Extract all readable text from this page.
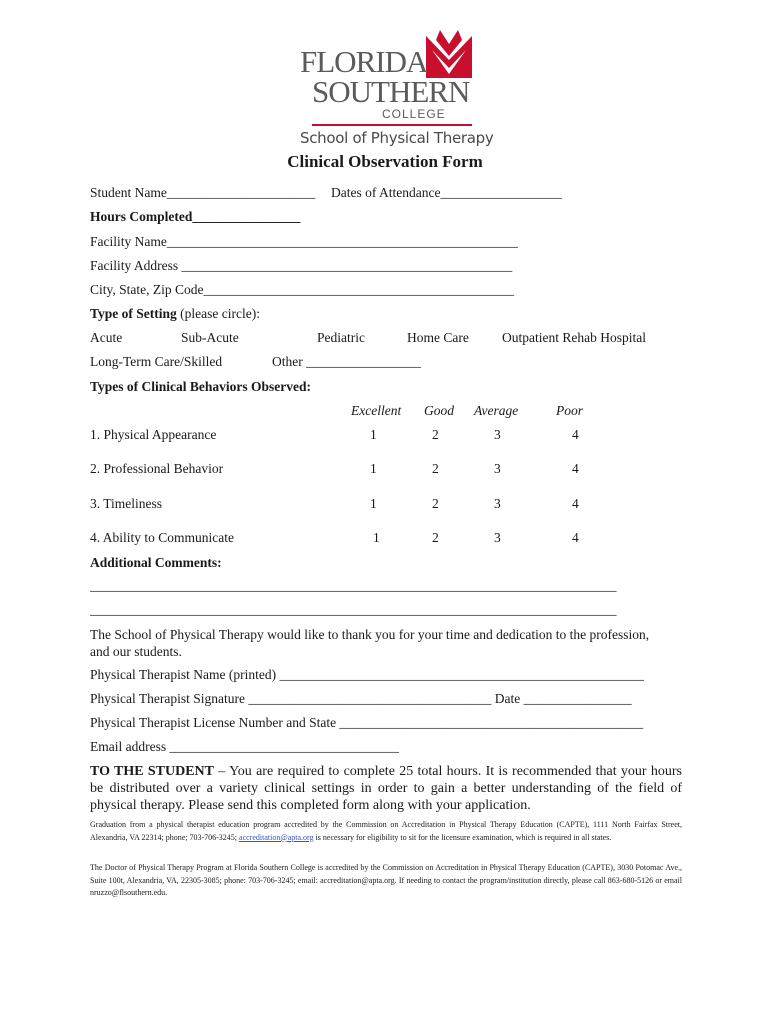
FLORIDA
SOUTHERN
COLLEGE
School of Physical Therapy
Clinical Observation Form
Student Name______________________ Dates of Attendance__________________
Hours Completed________________
Facility Name____________________________________________________
Facility Address _________________________________________________
City, State, Zip Code______________________________________________
Type of Setting (please circle):
Acute	Sub-Acute	Pediatric	Home Care Outpatient Rehab Hospital
Long-Term Care/Skilled	Other _________________
Types of Clinical Behaviors Observed:
Excellent Good Average	Poor
1. Physical Appearance	1	2	3	4
2. Professional Behavior	1	2	3	4
3. Timeliness	1	2	3	4
4. Ability to Communicate	1	2	3	4
Additional Comments:
______________________________________________________________________________
______________________________________________________________________________
The School of Physical Therapy would like to thank you for your time and dedication to the profession, and our students.
Physical Therapist Name (printed) ______________________________________________________
Physical Therapist Signature ____________________________________ Date ________________
Physical Therapist License Number and State _____________________________________________
Email address __________________________________
TO THE STUDENT – You are required to complete 25 total hours. It is recommended that your hours be distributed over a variety clinical settings in order to gain a better understanding of the field of physical therapy. Please send this completed form along with your application.
Graduation from a physical therapist education program accredited by the Commission on Accreditation in Physical Therapy Education (CAPTE), 1111 North Fairfax Street, Alexandria, VA 22314; phone; 703-706-3245; accreditation@apta.org is necessary for eligibility to sit for the licensure examination, which is required in all states.
The Doctor of Physical Therapy Program at Florida Southern College is accredited by the Commission on Accreditation in Physical Therapy Education (CAPTE), 3030 Potomac Ave., Suite 100t, Alexandria, VA, 22305-3085; phone: 703-706-3245; email: accreditation@apta.org. If needing to contact the program/institution directly, please call 863-680-5126 or email nruzzo@flsouthern.edu.
